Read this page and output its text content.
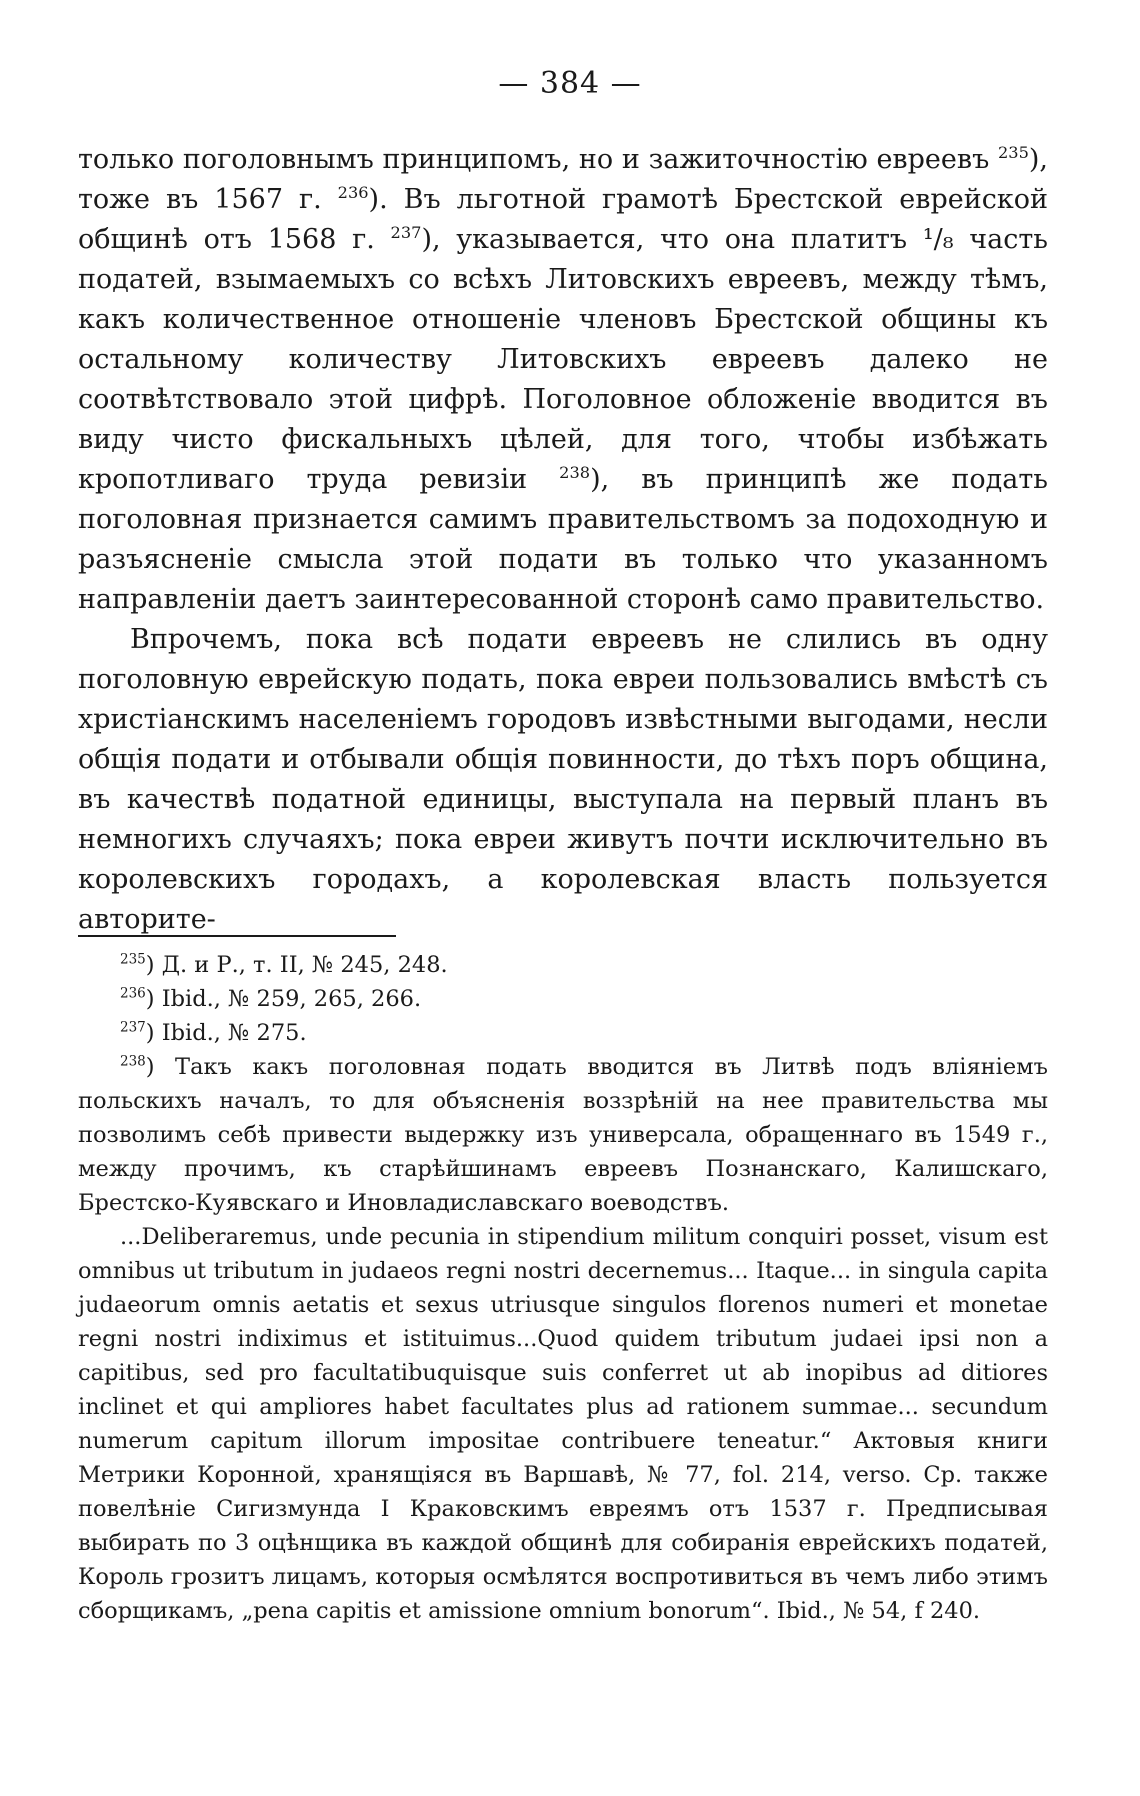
— 384 —

только поголовнымъ принципомъ, но и зажиточностію евреевъ $^{235}$), тоже въ 1567 г. $^{236}$). Въ льготной грамотѣ Брестской еврейской общинѣ отъ 1568 г. $^{237}$), указывается, что она платитъ ¹/₈ часть податей, взымаемыхъ со всѣхъ Литовскихъ евреевъ, между тѣмъ, какъ количественное отношеніе членовъ Брестской общины къ остальному количеству Литовскихъ евреевъ далеко не соотвѣтствовало этой цифрѣ. Поголовное обложеніе вводится въ виду чисто фискальныхъ цѣлей, для того, чтобы избѣжать кропотливаго труда ревизіи $^{238}$), въ принципѣ же подать поголовная признается самимъ правительствомъ за подоходную и разъясненіе смысла этой подати въ только что указанномъ направленіи даетъ заинтересованной сторонѣ само правительство.

Впрочемъ, пока всѣ подати евреевъ не слились въ одну поголовную еврейскую подать, пока евреи пользовались вмѣстѣ съ христіанскимъ населеніемъ городовъ извѣстными выгодами, несли общія подати и отбывали общія повинности, до тѣхъ поръ община, въ качествѣ податной единицы, выступала на первый планъ въ немногихъ случаяхъ; пока евреи живутъ почти исключительно въ королевскихъ городахъ, а королевская власть пользуется авторите-

$^{235}$) Д. и Р., т. II, № 245, 248.

$^{236}$) Ibid., № 259, 265, 266.

$^{237}$) Ibid., № 275.

$^{238}$) Такъ какъ поголовная подать вводится въ Литвѣ подъ вліяніемъ польскихъ началъ, то для объясненія воззрѣній на нее правительства мы позволимъ себѣ привести выдержку изъ универсала, обращеннаго въ 1549 г., между прочимъ, къ старѣйшинамъ евреевъ Познанскаго, Калишскаго, Брестско-Куявскаго и Иновладиславскаго воеводствъ.

...Deliberaremus, unde pecunia in stipendium militum conquiri posset, visum est omnibus ut tributum in judaeos regni nostri decernemus... Itaque... in singula capita judaeorum omnis aetatis et sexus utriusque singulos florenos numeri et monetae regni nostri indiximus et istituimus...Quod quidem tributum judaei ipsi non a capitibus, sed pro facultatibuquisque suis conferret ut ab inopibus ad ditiores inclinet et qui ampliores habet facultates plus ad rationem summae... secundum numerum capitum illorum impositae contribuere teneatur.“ Актовыя книги Метрики Коронной, хранящіяся въ Варшавѣ, № 77, fol. 214, verso. Ср. также повелѣніе Сигизмунда I Краковскимъ евреямъ отъ 1537 г. Предписывая выбирать по 3 оцѣнщика въ каждой общинѣ для собиранія еврейскихъ податей, Король грозитъ лицамъ, которыя осмѣлятся воспротивиться въ чемъ либо этимъ сборщикамъ, „pena capitis et amissione omnium bonorum“. Ibid., № 54, f 240.
